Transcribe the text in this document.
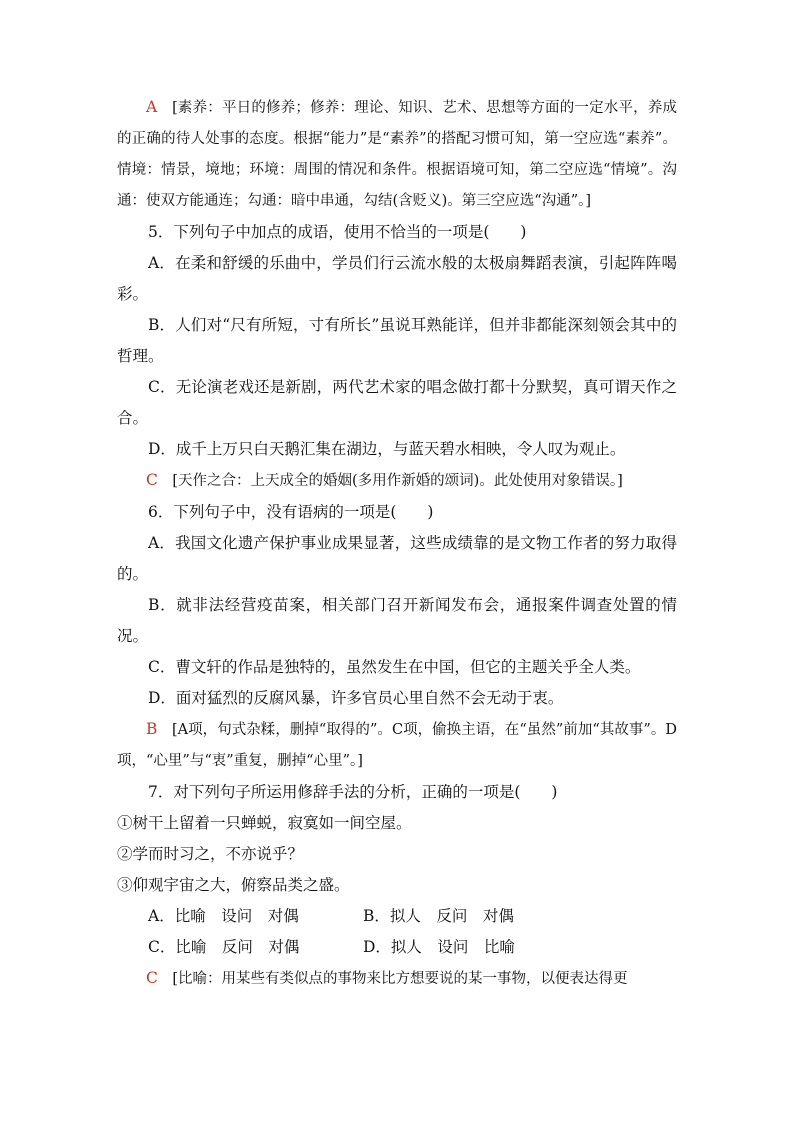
A　 [素养：平日的修养；修养：理论、知识、艺术、思想等方面的一定水平，养成的正确的待人处事的态度。根据“能力”是“素养”的搭配习惯可知，第一空应选“素养”。情境：情景，境地；环境：周围的情况和条件。根据语境可知，第二空应选“情境”。沟通：使双方能通连；勾通：暗中串通，勾结(含贬义)。第三空应选“沟通”。]

5．下列句子中加点的成语，使用不恰当的一项是(　　)

A．在柔和舒缓的乐曲中，学员们行云流水般的太极扇舞蹈表演，引起阵阵喝彩。

B．人们对“尺有所短，寸有所长”虽说耳熟能详，但并非都能深刻领会其中的哲理。

C．无论演老戏还是新剧，两代艺术家的唱念做打都十分默契，真可谓天作之合。

D．成千上万只白天鹅汇集在湖边，与蓝天碧水相映，令人叹为观止。

C　 [天作之合：上天成全的婚姻(多用作新婚的颂词)。此处使用对象错误。]

6．下列句子中，没有语病的一项是(　　)

A．我国文化遗产保护事业成果显著，这些成绩靠的是文物工作者的努力取得的。

B．就非法经营疫苗案，相关部门召开新闻发布会，通报案件调查处置的情况。

C．曹文轩的作品是独特的，虽然发生在中国，但它的主题关乎全人类。

D．面对猛烈的反腐风暴，许多官员心里自然不会无动于衷。

B　 [A项，句式杂糅，删掉“取得的”。C项，偷换主语，在“虽然”前加“其故事”。D项，“心里”与“衷”重复，删掉“心里”。]

7．对下列句子所运用修辞手法的分析，正确的一项是(　　)

①树干上留着一只蝉蜕，寂寞如一间空屋。

②学而时习之，不亦说乎？

③仰观宇宙之大，俯察品类之盛。

A．比喻　设问　对偶	B．拟人　反问　对偶

C．比喻　反问　对偶	D．拟人　设问　比喻

C　 [比喻：用某些有类似点的事物来比方想要说的某一事物，以便表达得更
